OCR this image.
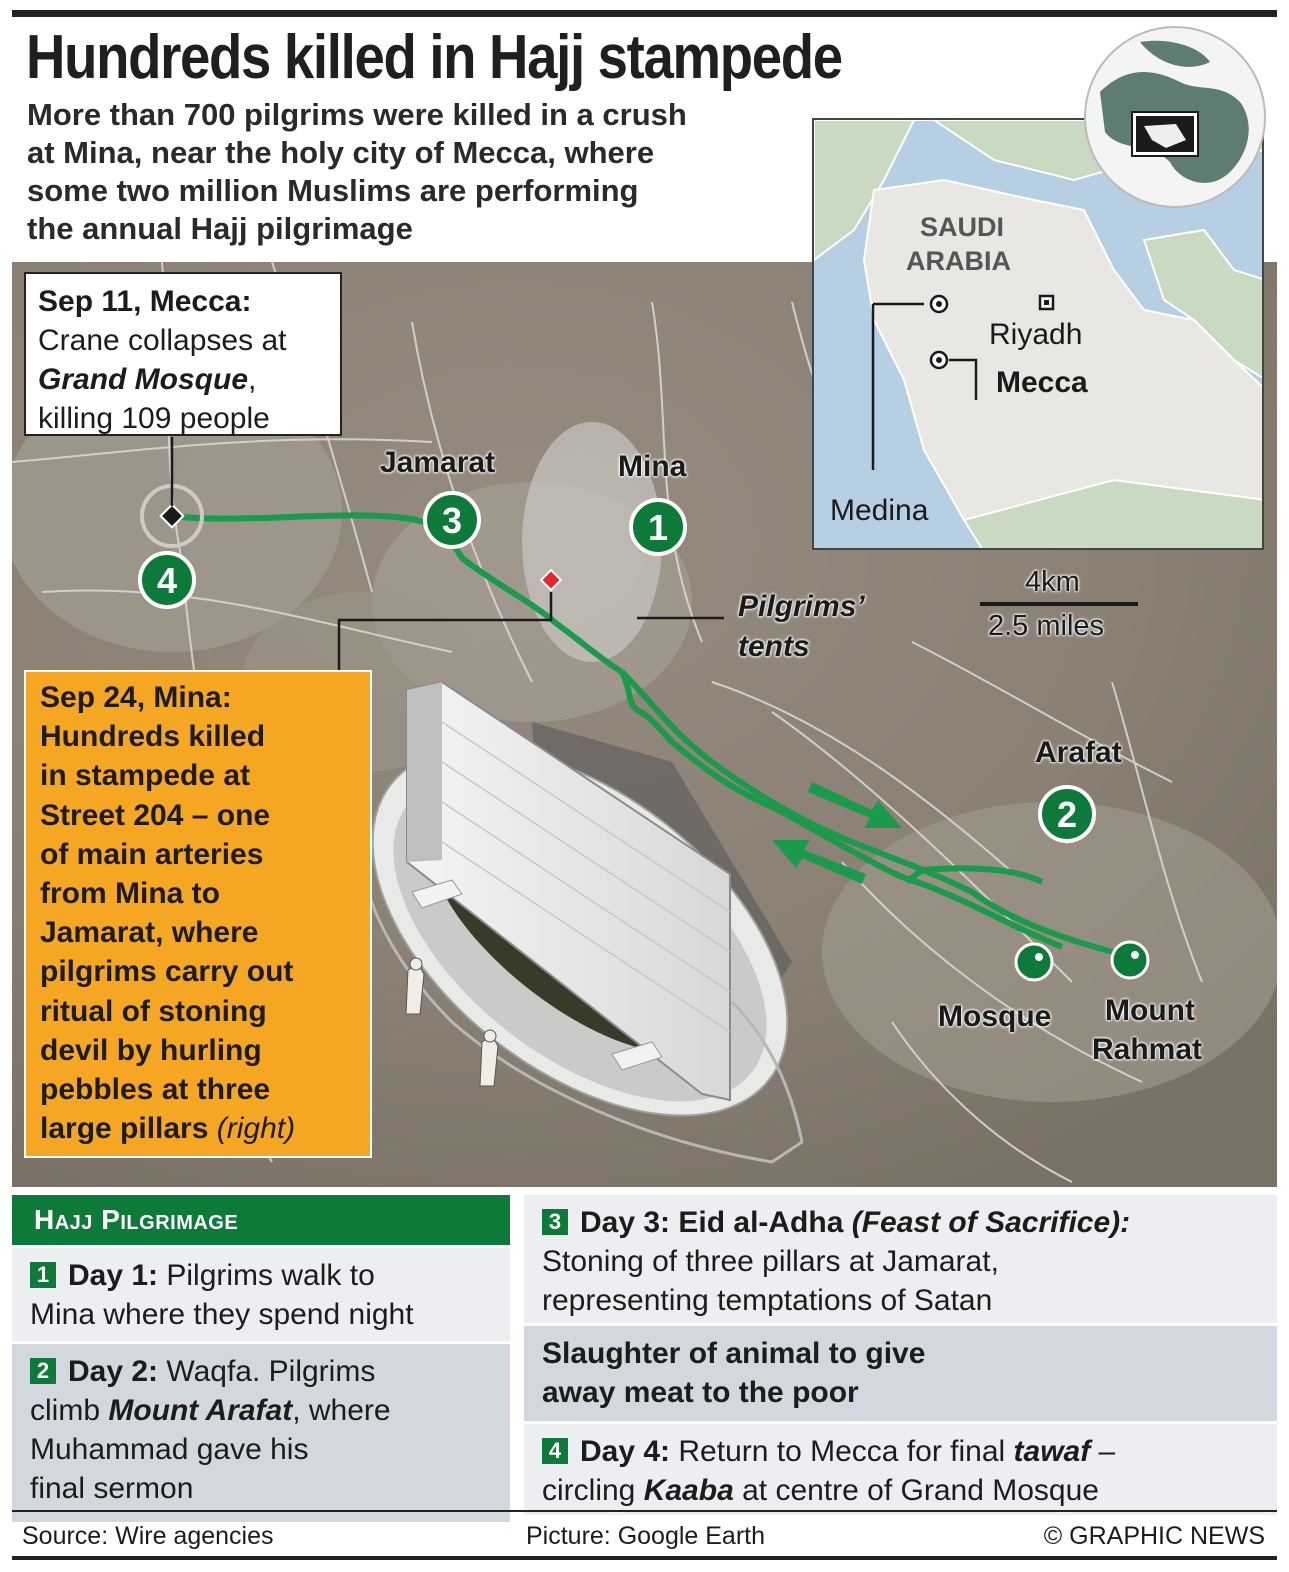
Hundreds killed in Hajj stampede
More than 700 pilgrims were killed in a crush
at Mina, near the holy city of Mecca, where
some two million Muslims are performing
the annual Hajj pilgrimage
1
3
4
2
Jamarat	Mina
Arafat
Mosque Mount
Rahmat
Pilgrims’
tents
4km
2.5 miles
SAUDI
ARABIA
Riyadh
Mecca
Medina
Sep 11, Mecca:
Crane collapses at
Grand Mosque,
killing 109 people
Sep 24, Mina:
Hundreds killed
in stampede at
Street 204 – one
of main arteries
from Mina to
Jamarat, where
pilgrims carry out
ritual of stoning
devil by hurling
pebbles at three
large pillars (right)
Hajj Pilgrimage
1 Day 1: Pilgrims walk to
Mina where they spend night
2 Day 2: Waqfa. Pilgrims
climb Mount Arafat, where
Muhammad gave his
final sermon
3 Day 3: Eid al-Adha (Feast of Sacrifice):
Stoning of three pillars at Jamarat,
representing temptations of Satan
Slaughter of animal to give
away meat to the poor
4 Day 4: Return to Mecca for final tawaf –
circling Kaaba at centre of Grand Mosque
Source: Wire agencies	Picture: Google Earth	© GRAPHIC NEWS
